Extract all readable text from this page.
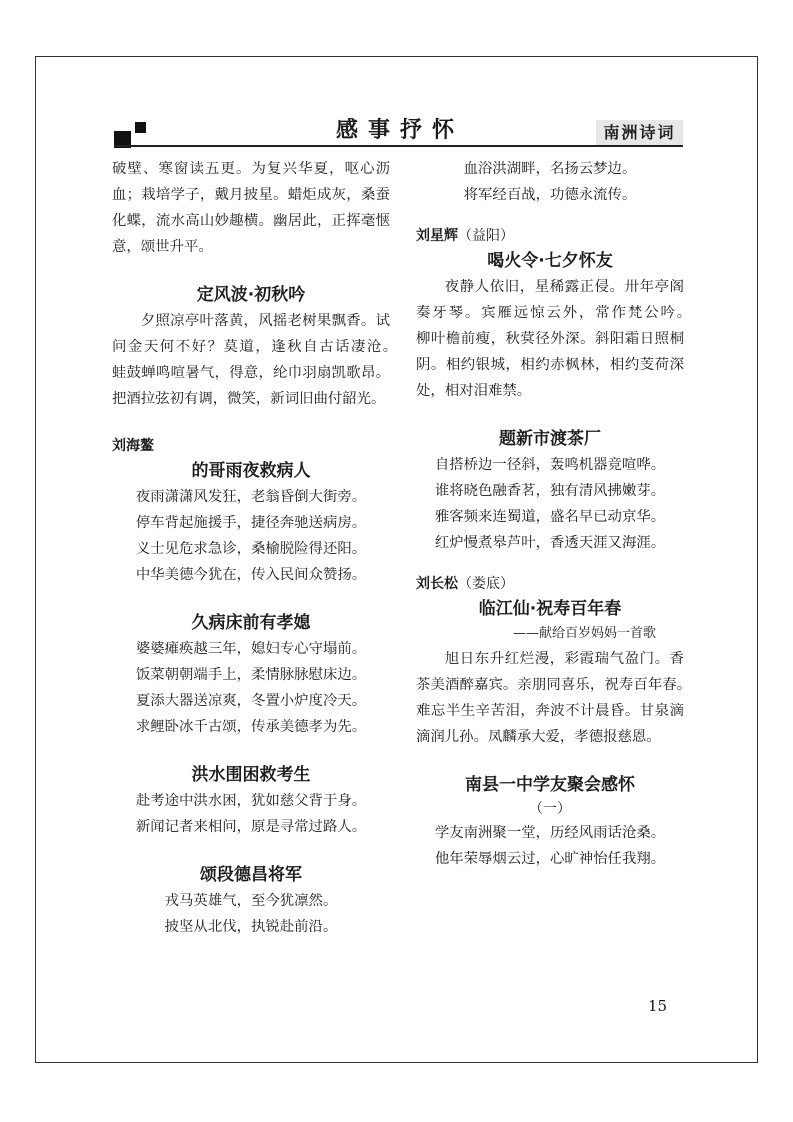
感事抒怀	南洲诗词

破壁、寒窗读五更。为复兴华夏，呕心沥血；栽培学子，戴月披星。蜡炬成灰，桑蚕化蝶，流水高山妙趣横。幽居此，正挥毫惬意，颂世升平。

定风波·初秋吟

夕照凉亭叶落黄，风摇老树果飘香。试问金天何不好？莫道，逢秋自古话凄沧。　　蛙鼓蝉鸣喧暑气，得意，纶巾羽扇凯歌昂。把酒拉弦初有调，微笑，新词旧曲付韶光。

刘海鳌

的哥雨夜救病人

夜雨潇潇风发狂，老翁昏倒大街旁。

停车背起施援手，捷径奔驰送病房。

义士见危求急诊，桑榆脱险得还阳。

中华美德今犹在，传入民间众赞扬。

久病床前有孝媳

婆婆瘫痪越三年，媳妇专心守塌前。

饭菜朝朝端手上，柔情脉脉慰床边。

夏添大器送凉爽，冬置小炉度冷天。

求鲤卧冰千古颂，传承美德孝为先。

洪水围困救考生

赴考途中洪水困，犹如慈父背于身。

新闻记者来相问，原是寻常过路人。

颂段德昌将军

戎马英雄气，至今犹凛然。

披坚从北伐，执锐赴前沿。

血浴洪湖畔，名扬云梦边。

将军经百战，功德永流传。

刘星辉（益阳）

喝火令·七夕怀友

夜静人依旧，星稀露正侵。卅年亭阁奏牙琴。宾雁远惊云外，常作梵公吟。　　柳叶檐前瘦，秋蓂径外深。斜阳霜日照桐阴。相约银城，相约赤枫林，相约芰荷深处，相对泪难禁。

题新市渡茶厂

自搭桥边一径斜，轰鸣机器竞喧哗。

谁将晓色融香茗，独有清风拂嫩芽。

雅客频来连蜀道，盛名早已动京华。

红炉慢煮皋芦叶，香透天涯又海涯。

刘长松（娄底）

临江仙·祝寿百年春

——献给百岁妈妈一首歌

旭日东升红烂漫，彩霞瑞气盈门。香茶美酒醉嘉宾。亲朋同喜乐，祝寿百年春。　　难忘半生辛苦泪，奔波不计晨昏。甘泉滴滴润儿孙。凤麟承大爱，孝德报慈恩。

南县一中学友聚会感怀

（一）

学友南洲聚一堂，历经风雨话沧桑。

他年荣辱烟云过，心旷神怡任我翔。

15
